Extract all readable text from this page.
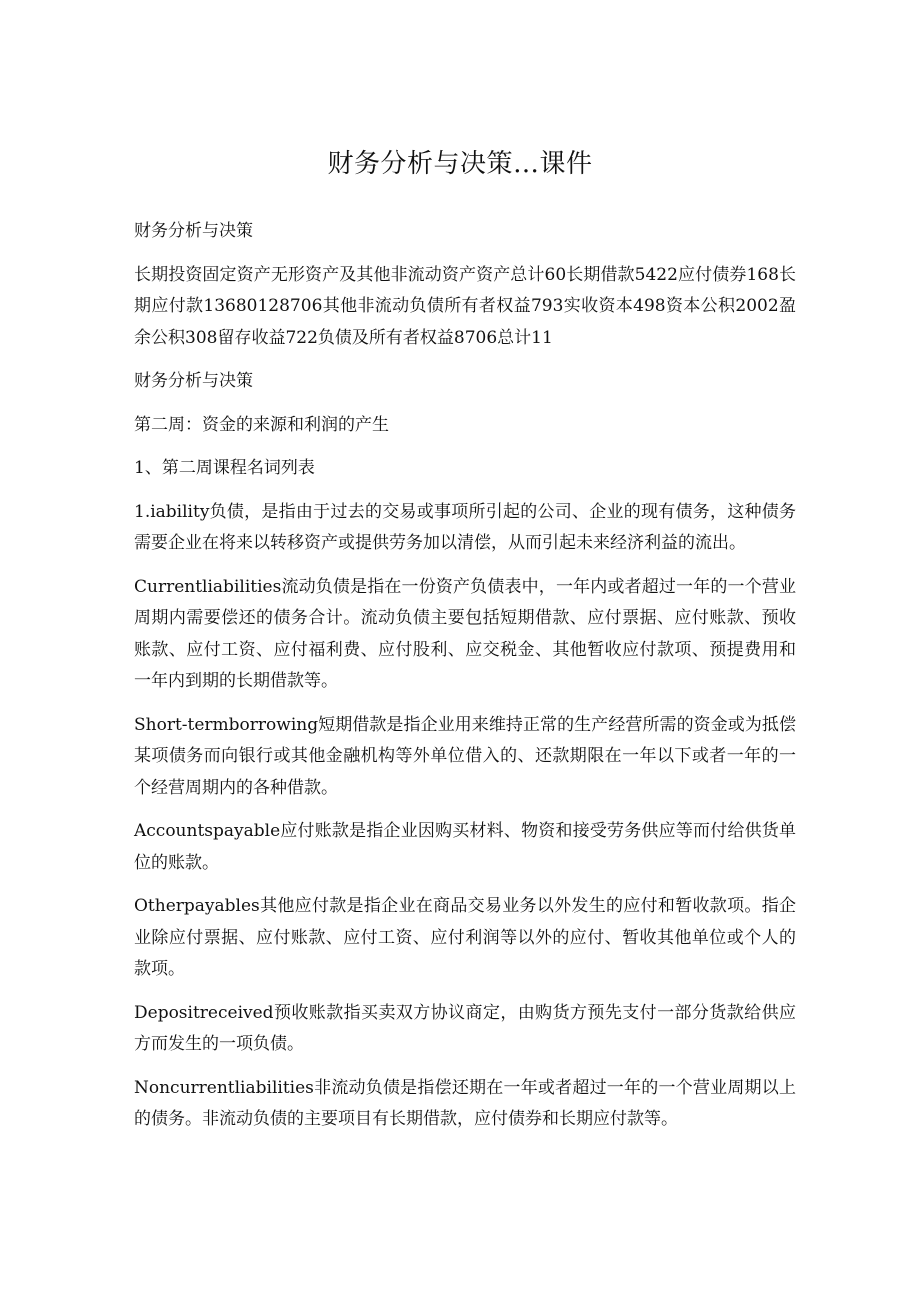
财务分析与决策…课件

财务分析与决策

长期投资固定资产无形资产及其他非流动资产资产总计60长期借款5422应付债券168长期应付款13680128706其他非流动负债所有者权益793实收资本498资本公积2002盈余公积308留存收益722负债及所有者权益8706总计11

财务分析与决策

第二周：资金的来源和利润的产生

1、第二周课程名词列表

1.iability负债，是指由于过去的交易或事项所引起的公司、企业的现有债务，这种债务需要企业在将来以转移资产或提供劳务加以清偿，从而引起未来经济利益的流出。

Currentliabilities流动负债是指在一份资产负债表中，一年内或者超过一年的一个营业周期内需要偿还的债务合计。流动负债主要包括短期借款、应付票据、应付账款、预收账款、应付工资、应付福利费、应付股利、应交税金、其他暂收应付款项、预提费用和一年内到期的长期借款等。

Short-termborrowing短期借款是指企业用来维持正常的生产经营所需的资金或为抵偿某项债务而向银行或其他金融机构等外单位借入的、还款期限在一年以下或者一年的一个经营周期内的各种借款。

Accountspayable应付账款是指企业因购买材料、物资和接受劳务供应等而付给供货单位的账款。

Otherpayables其他应付款是指企业在商品交易业务以外发生的应付和暂收款项。指企业除应付票据、应付账款、应付工资、应付利润等以外的应付、暂收其他单位或个人的款项。

Depositreceived预收账款指买卖双方协议商定，由购货方预先支付一部分货款给供应方而发生的一项负债。

Noncurrentliabilities非流动负债是指偿还期在一年或者超过一年的一个营业周期以上的债务。非流动负债的主要项目有长期借款，应付债券和长期应付款等。
